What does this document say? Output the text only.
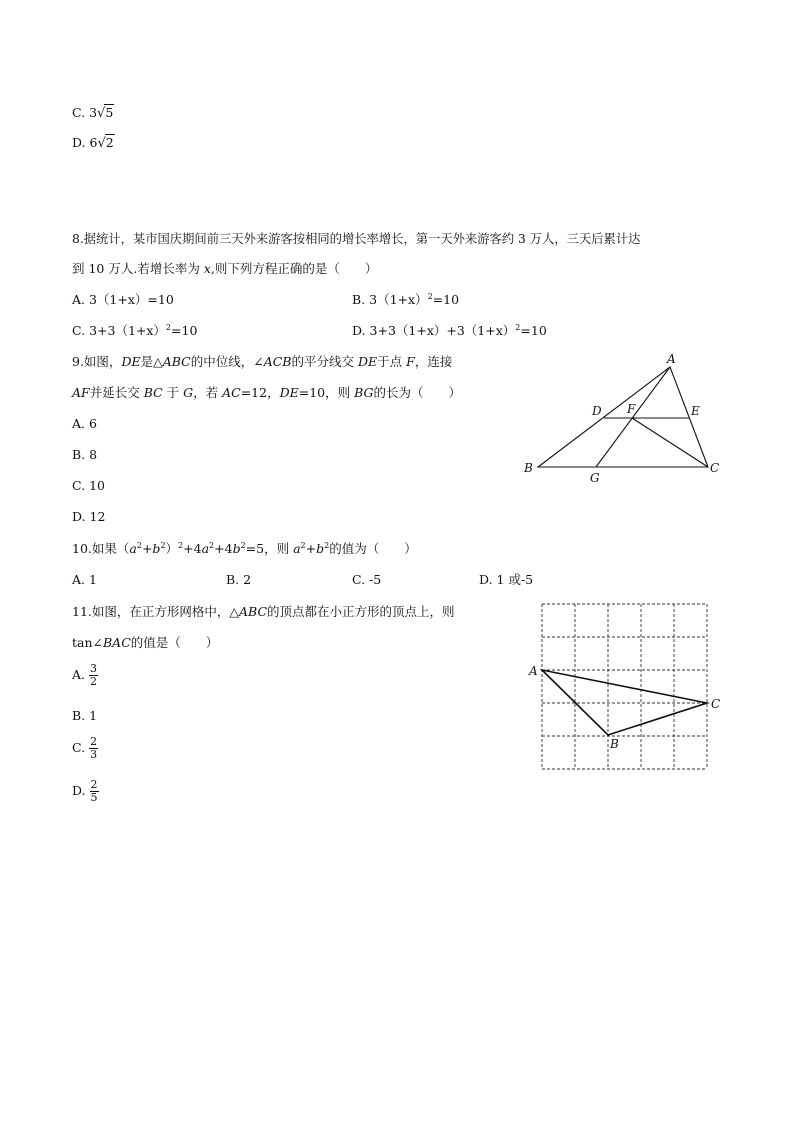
C. 3√5
D. 6√2
8.据统计，某市国庆期间前三天外来游客按相同的增长率增长，第一天外来游客约 3 万人，三天后累计达
到 10 万人.若增长率为 x,则下列方程正确的是（　　）
A. 3（1+x）=10	B. $3(1+x)^2=10$
C. $3+3(1+x)^2=10$	D. $3+3(1+x)+3(1+x)^2=10$
9.如图，DE是△ABC的中位线，∠ACB的平分线交 DE于点 F，连接
AF并延长交 BC 于 G，若 AC=12，DE=10，则 BG的长为（　　）
A. 6
B. 8
C. 10
D. 12
A
B	C
D	E
F
G
10.如果$(a^2+b^2)^2+4a^2+4b^2=5$，则 $a^2+b^2$的值为（　　）
A. 1	B. 2	C. -5	D. 1 或-5
11.如图，在正方形网格中，△ABC的顶点都在小正方形的顶点上，则
tan∠BAC的值是（　　）
A. $\frac{3}{2}$
B. 1
C. $\frac{2}{3}$
D. $\frac{2}{5}$
A
B
C
